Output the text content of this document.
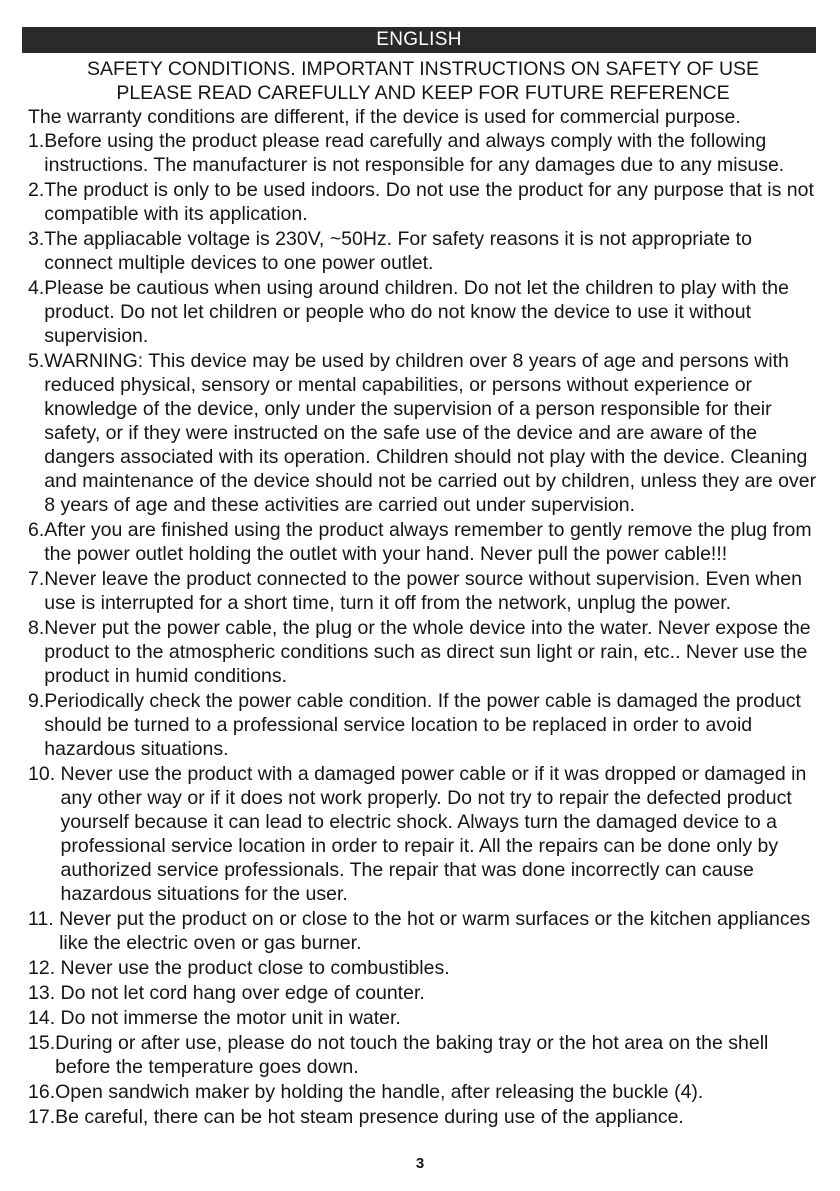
ENGLISH

SAFETY CONDITIONS. IMPORTANT INSTRUCTIONS ON SAFETY OF USE

PLEASE READ CAREFULLY AND KEEP FOR FUTURE REFERENCE

The warranty conditions are different, if the device is used for commercial purpose.

1. Before using the product please read carefully and always comply with the following instructions. The manufacturer is not responsible for any damages due to any misuse.
2. The product is only to be used indoors. Do not use the product for any purpose that is not compatible with its application.
3. The appliacable voltage is 230V, ~50Hz. For safety reasons it is not appropriate to connect multiple devices to one power outlet.
4. Please be cautious when using around children. Do not let the children to play with the product. Do not let children or people who do not know the device to use it without supervision.
5. WARNING: This device may be used by children over 8 years of age and persons with reduced physical, sensory or mental capabilities, or persons without experience or knowledge of the device, only under the supervision of a person responsible for their safety, or if they were instructed on the safe use of the device and are aware of the dangers associated with its operation. Children should not play with the device. Cleaning and maintenance of the device should not be carried out by children, unless they are over 8 years of age and these activities are carried out under supervision.
6. After you are finished using the product always remember to gently remove the plug from the power outlet holding the outlet with your hand. Never pull the power cable!!!
7. Never leave the product connected to the power source without supervision. Even when use is interrupted for a short time, turn it off from the network, unplug the power.
8. Never put the power cable, the plug or the whole device into the water. Never expose the product to the atmospheric conditions such as direct sun light or rain, etc.. Never use the product in humid conditions.
9. Periodically check the power cable condition. If the power cable is damaged the product should be turned to a professional service location to be replaced in order to avoid hazardous situations.
10. Never use the product with a damaged power cable or if it was dropped or damaged in any other way or if it does not work properly. Do not try to repair the defected product yourself because it can lead to electric shock. Always turn the damaged device to a professional service location in order to repair it. All the repairs can be done only by authorized service professionals. The repair that was done incorrectly can cause hazardous situations for the user.
11. Never put the product on or close to the hot or warm surfaces or the kitchen appliances like the electric oven or gas burner.
12. Never use the product close to combustibles.
13. Do not let cord hang over edge of counter.
14. Do not immerse the motor unit in water.
15. During or after use, please do not touch the baking tray or the hot area on the shell before the temperature goes down.
16. Open sandwich maker by holding the handle, after releasing the buckle (4).
17. Be careful, there can be hot steam presence during use of the appliance.
3
